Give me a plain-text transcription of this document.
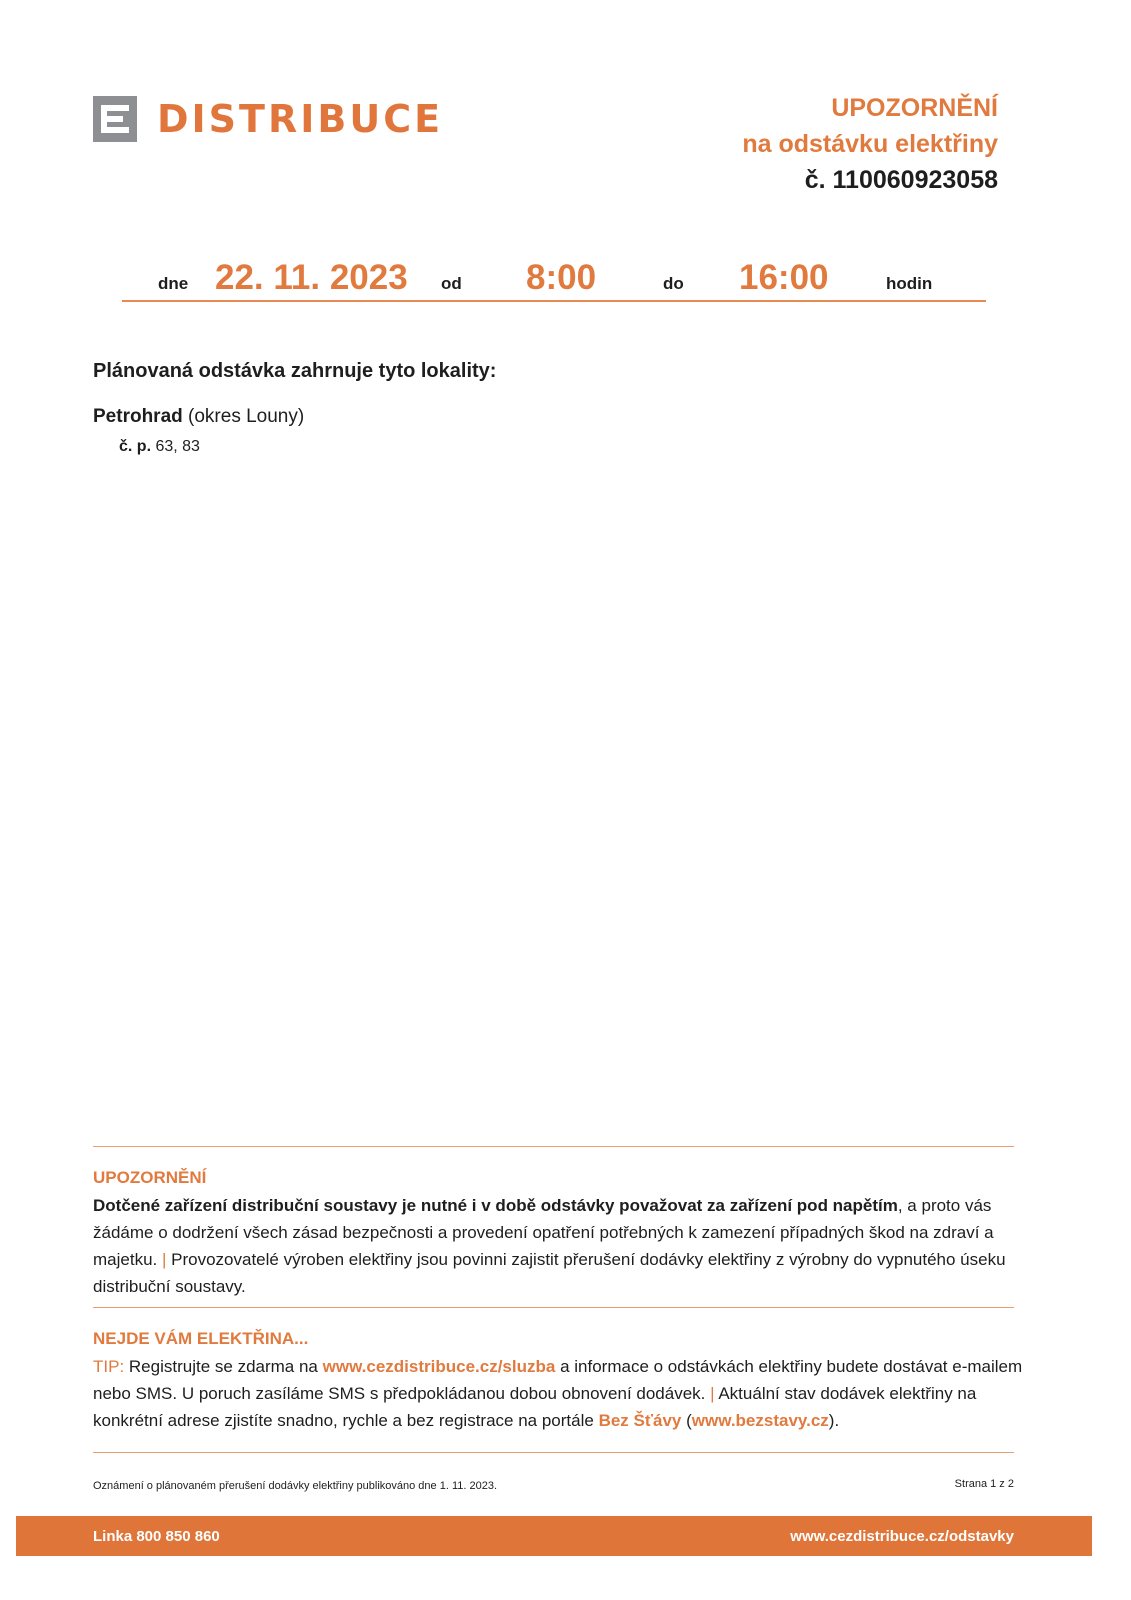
DISTRIBUCE	UPOZORNĚNÍ
na odstávku elektřiny
č. 110060923058
dne 22. 11. 2023 od 8:00	do 16:00	hodin
Plánovaná odstávka zahrnuje tyto lokality:
Petrohrad (okres Louny)
č. p. 63, 83
UPOZORNĚNÍ
Dotčené zařízení distribuční soustavy je nutné i v době odstávky považovat za zařízení pod napětím, a proto vás žádáme o dodržení všech zásad bezpečnosti a provedení opatření potřebných k zamezení případných škod na zdraví a majetku. | Provozovatelé výroben elektřiny jsou povinni zajistit přerušení dodávky elektřiny z výrobny do vypnutého úseku distribuční soustavy.
NEJDE VÁM ELEKTŘINA...
TIP: Registrujte se zdarma na www.cezdistribuce.cz/sluzba a informace o odstávkách elektřiny budete dostávat e-mailem nebo SMS. U poruch zasíláme SMS s předpokládanou dobou obnovení dodávek. | Aktuální stav dodávek elektřiny na konkrétní adrese zjistíte snadno, rychle a bez registrace na portále Bez Šťávy (www.bezstavy.cz).
Oznámení o plánovaném přerušení dodávky elektřiny publikováno dne 1. 11. 2023.	Strana 1 z 2
Linka 800 850 860	www.cezdistribuce.cz/odstavky
